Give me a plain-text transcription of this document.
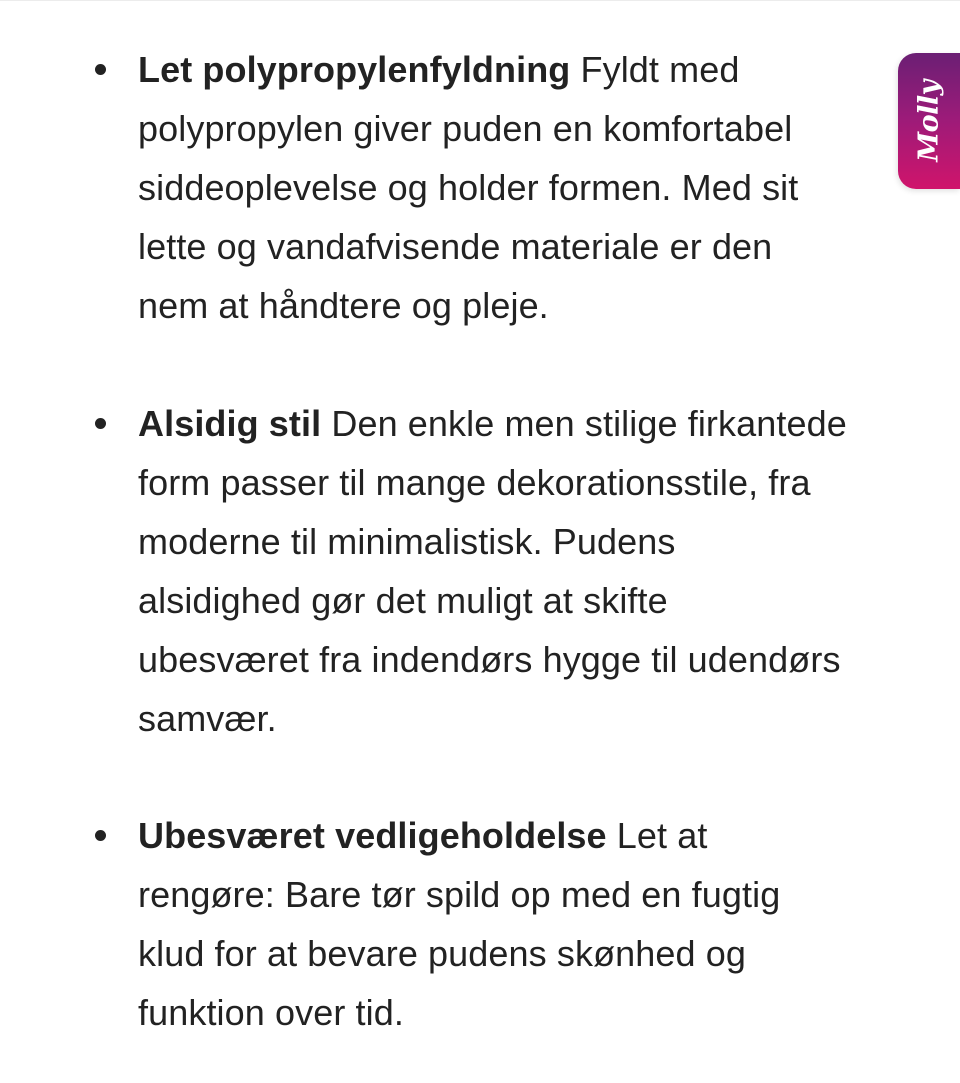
Let polypropylenfyldning Fyldt med
polypropylen giver puden en komfortabel
siddeoplevelse og holder formen. Med sit
lette og vandafvisende materiale er den
nem at håndtere og pleje.
Alsidig stil Den enkle men stilige firkantede
form passer til mange dekorationsstile, fra
moderne til minimalistisk. Pudens
alsidighed gør det muligt at skifte
ubesværet fra indendørs hygge til udendørs
samvær.
Ubesværet vedligeholdelse Let at
rengøre: Bare tør spild op med en fugtig
klud for at bevare pudens skønhed og
funktion over tid.
Molly
